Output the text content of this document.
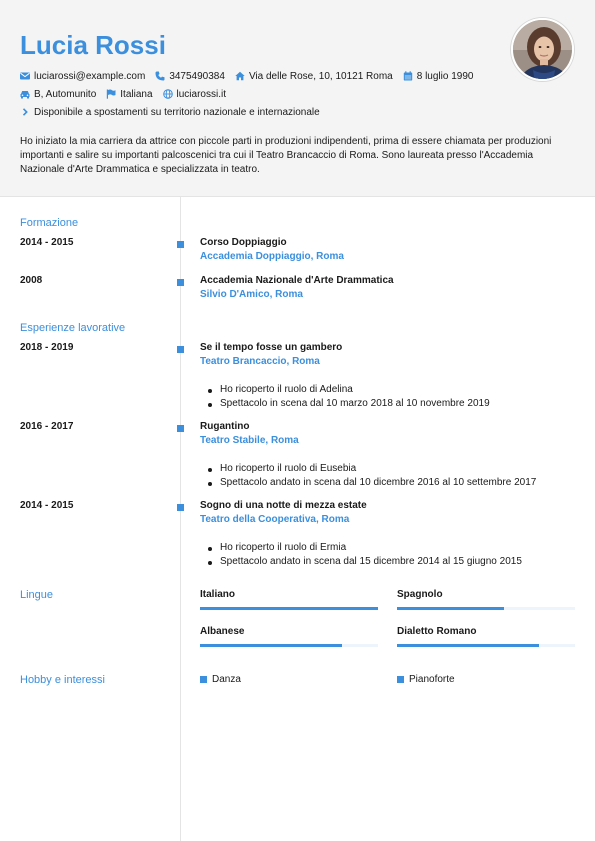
Lucia Rossi
luciarossi@example.com 3475490384 Via delle Rose, 10, 10121 Roma 8 luglio 1990
B, Automunito Italiana luciarossi.it
Disponibile a spostamenti su territorio nazionale e internazionale
Ho iniziato la mia carriera da attrice con piccole parti in produzioni indipendenti, prima di essere chiamata per produzioni importanti e salire su importanti palcoscenici tra cui il Teatro Brancaccio di Roma. Sono laureata presso l'Accademia Nazionale d'Arte Drammatica e specializzata in teatro.
Formazione
2014 - 2015	Corso Doppiaggio
Accademia Doppiaggio, Roma
2008	Accademia Nazionale d'Arte Drammatica
Silvio D'Amico, Roma
Esperienze lavorative
2018 - 2019	Se il tempo fosse un gambero
Teatro Brancaccio, Roma
Ho ricoperto il ruolo di Adelina
Spettacolo in scena dal 10 marzo 2018 al 10 novembre 2019
2016 - 2017	Rugantino
Teatro Stabile, Roma
Ho ricoperto il ruolo di Eusebia
Spettacolo andato in scena dal 10 dicembre 2016 al 10 settembre 2017
2014 - 2015	Sogno di una notte di mezza estate
Teatro della Cooperativa, Roma
Ho ricoperto il ruolo di Ermia
Spettacolo andato in scena dal 15 dicembre 2014 al 15 giugno 2015
Lingue	Italiano	Spagnolo
Albanese	Dialetto Romano
Hobby e interessi	Danza	Pianoforte
